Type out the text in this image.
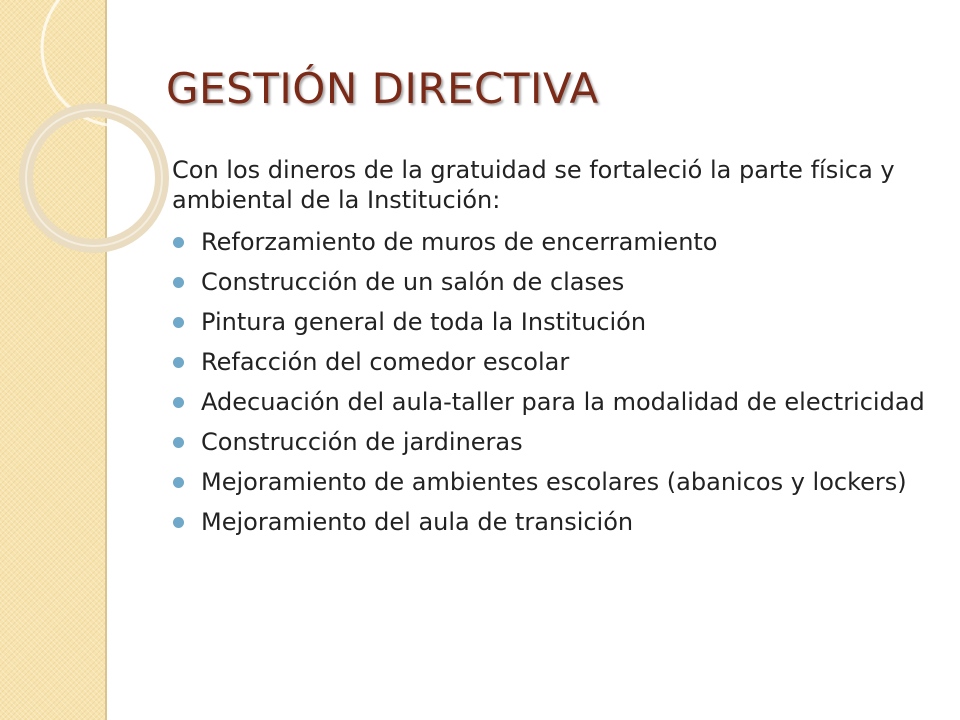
GESTIÓN DIRECTIVA

Con los dineros de la gratuidad se fortaleció la parte física y ambiental de la Institución:

Reforzamiento de muros de encerramiento
Construcción de un salón de clases
Pintura general de toda la Institución
Refacción del comedor escolar
Adecuación del aula-taller para la modalidad de electricidad
Construcción de jardineras
Mejoramiento de ambientes escolares (abanicos y lockers)
Mejoramiento del aula de transición
